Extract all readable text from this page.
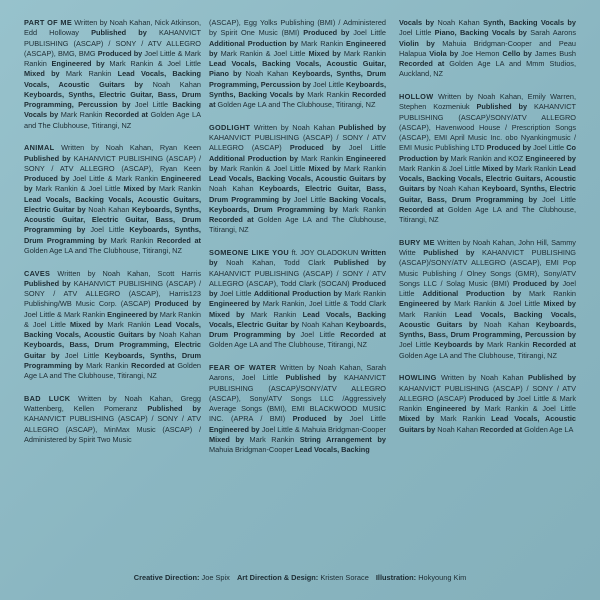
PART OF ME Written by Noah Kahan, Nick Atkinson, Edd Holloway Published by KAHANVICT PUBLISHING (ASCAP) / SONY / ATV ALLEGRO (ASCAP), BMG, BMG Produced by Joel Little & Mark Rankin Engineered by Mark Rankin & Joel Little Mixed by Mark Rankin Lead Vocals, Backing Vocals, Acoustic Guitars by Noah Kahan Keyboards, Synths, Electric Guitar, Bass, Drum Programming, Percussion by Joel Little Backing Vocals by Mark Rankin Recorded at Golden Age LA and The Clubhouse, Titirangi, NZ

ANIMAL Written by Noah Kahan, Ryan Keen Published by KAHANVICT PUBLISHING (ASCAP) / SONY / ATV ALLEGRO (ASCAP), Ryan Keen Produced by Joel Little & Mark Rankin Engineered by Mark Rankin & Joel Little Mixed by Mark Rankin Lead Vocals, Backing Vocals, Acoustic Guitars, Electric Guitar by Noah Kahan Keyboards, Synths, Acoustic Guitar, Electric Guitar, Bass, Drum Programming by Joel Little Keyboards, Synths, Drum Programming by Mark Rankin Recorded at Golden Age LA and The Clubhouse, Titirangi, NZ

CAVES Written by Noah Kahan, Scott Harris Published by KAHANVICT PUBLISHING (ASCAP) / SONY / ATV ALLEGRO (ASCAP), Harris123 Publishing/WB Music Corp. (ASCAP) Produced by Joel Little & Mark Rankin Engineered by Mark Rankin & Joel Little Mixed by Mark Rankin Lead Vocals, Backing Vocals, Acoustic Guitars by Noah Kahan Keyboards, Bass, Drum Programming, Electric Guitar by Joel Little Keyboards, Synths, Drum Programming by Mark Rankin Recorded at Golden Age LA and The Clubhouse, Titirangi, NZ

BAD LUCK Written by Noah Kahan, Gregg Wattenberg, Kellen Pomeranz Published by KAHANVICT PUBLISHING (ASCAP) / SONY / ATV ALLEGRO (ASCAP), MinMax Music (ASCAP) / Administered by Spirit Two Music

(ASCAP), Egg Yolks Publishing (BMI) / Administered by Spirit One Music (BMI) Produced by Joel Little Additional Production by Mark Rankin Engineered by Mark Rankin & Joel Little Mixed by Mark Rankin Lead Vocals, Backing Vocals, Acoustic Guitar, Piano by Noah Kahan Keyboards, Synths, Drum Programming, Percussion by Joel Little Keyboards, Synths, Backing Vocals by Mark Rankin Recorded at Golden Age LA and The Clubhouse, Titirangi, NZ

GODLIGHT Written by Noah Kahan Published by KAHANVICT PUBLISHING (ASCAP) / SONY / ATV ALLEGRO (ASCAP) Produced by Joel Little Additional Production by Mark Rankin Engineered by Mark Rankin & Joel Little Mixed by Mark Rankin Lead Vocals, Backing Vocals, Acoustic Guitars by Noah Kahan Keyboards, Electric Guitar, Bass, Drum Programming by Joel Little Backing Vocals, Keyboards, Drum Programming by Mark Rankin Recorded at Golden Age LA and The Clubhouse, Titirangi, NZ

SOMEONE LIKE YOU ft. JOY OLADOKUN Written by Noah Kahan, Todd Clark Published by KAHANVICT PUBLISHING (ASCAP) / SONY / ATV ALLEGRO (ASCAP), Todd Clark (SOCAN) Produced by Joel Little Additional Production by Mark Rankin Engineered by Mark Rankin, Joel Little & Todd Clark Mixed by Mark Rankin Lead Vocals, Backing Vocals, Electric Guitar by Noah Kahan Keyboards, Drum Programming by Joel Little Recorded at Golden Age LA and The Clubhouse, Titirangi, NZ

FEAR OF WATER Written by Noah Kahan, Sarah Aarons, Joel Little Published by KAHANVICT PUBLISHING (ASCAP)/SONY/ATV ALLEGRO (ASCAP), Sony/ATV Songs LLC /Aggressively Average Songs (BMI), EMI BLACKWOOD MUSIC INC. (APRA / BMI) Produced by Joel Little Engineered by Joel Little & Mahuia Bridgman-Cooper Mixed by Mark Rankin String Arrangement by Mahuia Bridgman-Cooper Lead Vocals, Backing

Vocals by Noah Kahan Synth, Backing Vocals by Joel Little Piano, Backing Vocals by Sarah Aarons Violin by Mahuia Bridgman-Cooper and Peau Halapua Viola by Joe Hemon Cello by James Bush Recorded at Golden Age LA and Mmm Studios, Auckland, NZ

HOLLOW Written by Noah Kahan, Emily Warren, Stephen Kozmeniuk Published by KAHANVICT PUBLISHING (ASCAP)/SONY/ATV ALLEGRO (ASCAP), Havenwood House / Prescription Songs (ASCAP), EMI April Music Inc. obo Nyankingmusic / EMI Music Publishing LTD Produced by Joel Little Co Production by Mark Rankin and KOZ Engineered by Mark Rankin & Joel Little Mixed by Mark Rankin Lead Vocals, Backing Vocals, Electric Guitars, Acoustic Guitars by Noah Kahan Keyboard, Synths, Electric Guitar, Bass, Drum Programming by Joel Little Recorded at Golden Age LA and The Clubhouse, Titirangi, NZ

BURY ME Written by Noah Kahan, John Hill, Sammy Witte Published by KAHANVICT PUBLISHING (ASCAP)/SONY/ATV ALLEGRO (ASCAP), EMI Pop Music Publishing / Olney Songs (GMR), Sony/ATV Songs LLC / Solag Music (BMI) Produced by Joel Little Additional Production by Mark Rankin Engineered by Mark Rankin & Joel Little Mixed by Mark Rankin Lead Vocals, Backing Vocals, Acoustic Guitars by Noah Kahan Keyboards, Synths, Bass, Drum Programming, Percussion by Joel Little Keyboards by Mark Rankin Recorded at Golden Age LA and The Clubhouse, Titirangi, NZ

HOWLING Written by Noah Kahan Published by KAHANVICT PUBLISHING (ASCAP) / SONY / ATV ALLEGRO (ASCAP) Produced by Joel Little & Mark Rankin Engineered by Mark Rankin & Joel Little Mixed by Mark Rankin Lead Vocals, Acoustic Guitars by Noah Kahan Recorded at Golden Age LA

Creative Direction: Joe Spix Art Direction & Design: Kristen Sorace Illustration: Hokyoung Kim
